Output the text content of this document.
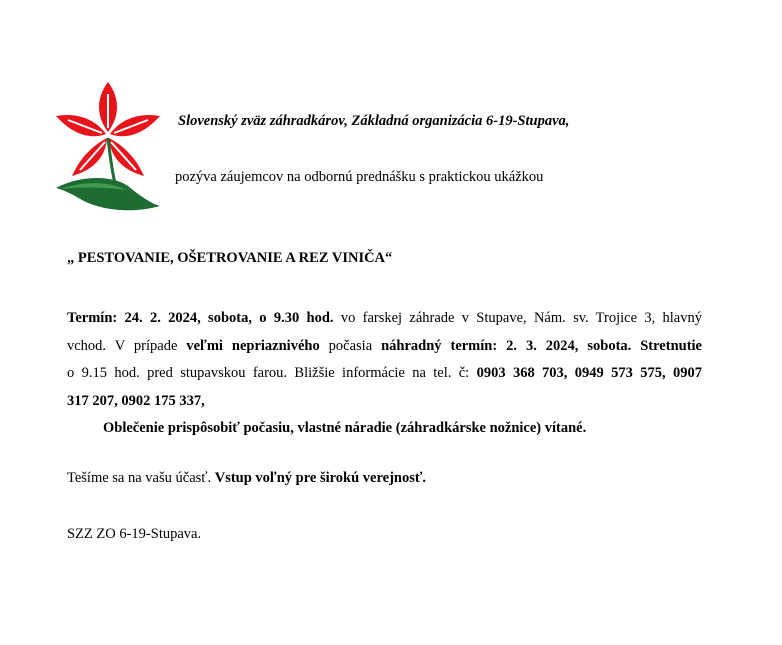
Slovenský zväz záhradkárov, Základná organizácia 6-19-Stupava,
pozýva záujemcov na odbornú prednášku s praktickou ukážkou
„ PESTOVANIE, OŠETROVANIE A REZ VINIČA“

Termín: 24. 2. 2024, sobota, o 9.30 hod. vo farskej záhrade v Stupave, Nám. sv. Trojice 3, hlavný

vchod. V prípade veľmi nepriaznivého počasia náhradný termín: 2. 3. 2024, sobota. Stretnutie

o 9.15 hod. pred stupavskou farou. Bližšie informácie na tel. č: 0903 368 703, 0949 573 575, 0907

317 207, 0902 175 337,

Oblečenie prispôsobiť počasiu, vlastné náradie (záhradkárske nožnice) vítané.

Tešíme sa na vašu účasť. Vstup voľný pre širokú verejnosť.
SZZ ZO 6-19-Stupava.
